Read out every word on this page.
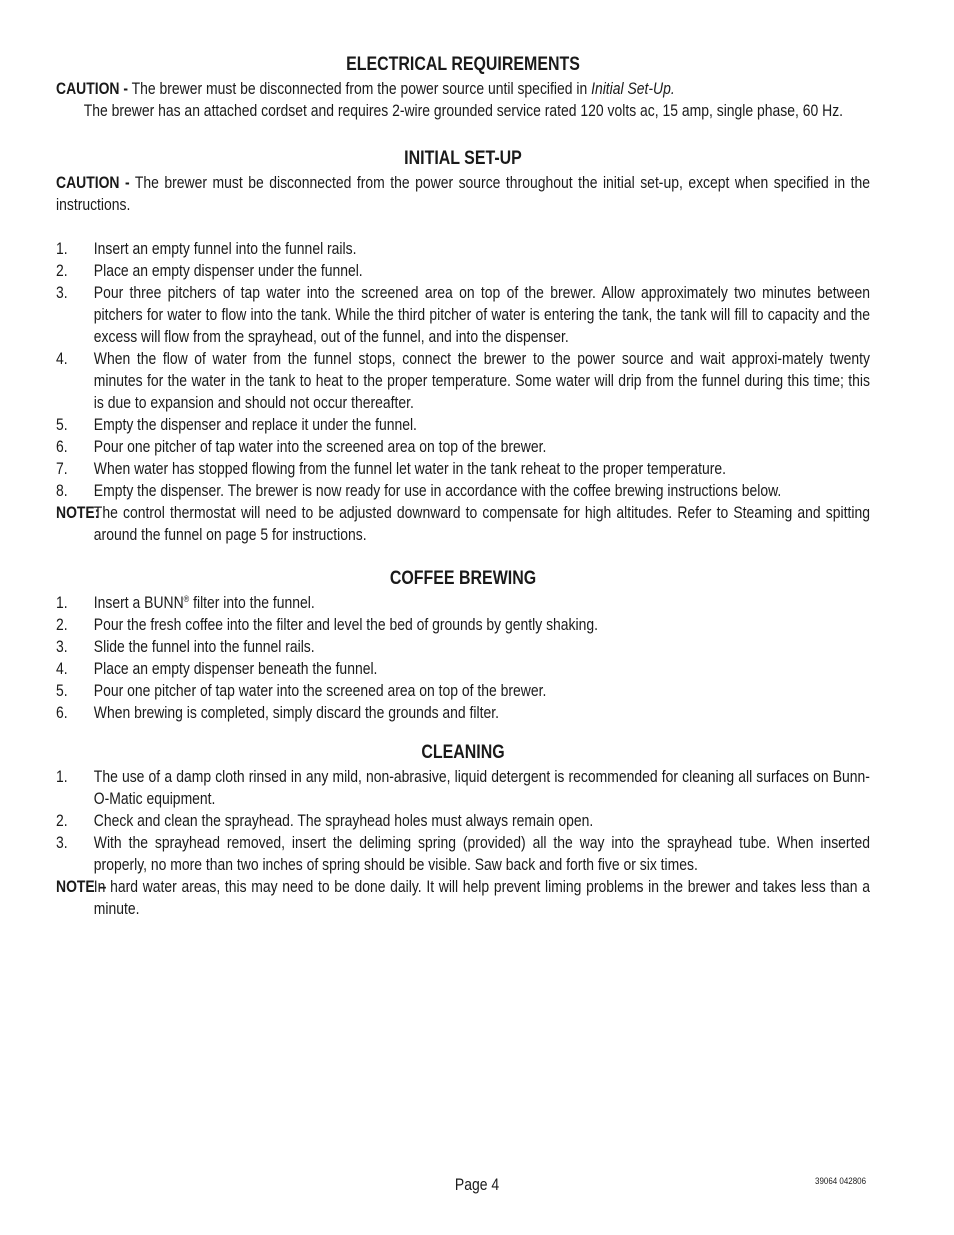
ELECTRICAL REQUIREMENTS

CAUTION - The brewer must be disconnected from the power source until specified in Initial Set-Up.

The brewer has an attached cordset and requires 2-wire grounded service rated 120 volts ac, 15 amp, single phase, 60 Hz.

INITIAL SET-UP

CAUTION - The brewer must be disconnected from the power source throughout the initial set-up, except when specified in the instructions.

1. Insert an empty funnel into the funnel rails.
2. Place an empty dispenser under the funnel.
3. Pour three pitchers of tap water into the screened area on top of the brewer. Allow approximately two minutes between pitchers for water to flow into the tank. While the third pitcher of water is entering the tank, the tank will fill to capacity and the excess will flow from the sprayhead, out of the funnel, and into the dispenser.
4. When the flow of water from the funnel stops, connect the brewer to the power source and wait approxi-mately twenty minutes for the water in the tank to heat to the proper temperature. Some water will drip from the funnel during this time; this is due to expansion and should not occur thereafter.
5. Empty the dispenser and replace it under the funnel.
6. Pour one pitcher of tap water into the screened area on top of the brewer.
7. When water has stopped flowing from the funnel let water in the tank reheat to the proper temperature.
8. Empty the dispenser. The brewer is now ready for use in accordance with the coffee brewing instructions below.
NOTE:
The control thermostat will need to be adjusted downward to compensate for high altitudes. Refer to Steaming and spitting around the funnel on page 5 for instructions.
COFFEE BREWING
1. Insert a BUNN® filter into the funnel.
2. Pour the fresh coffee into the filter and level the bed of grounds by gently shaking.
3. Slide the funnel into the funnel rails.
4. Place an empty dispenser beneath the funnel.
5. Pour one pitcher of tap water into the screened area on top of the brewer.
6. When brewing is completed, simply discard the grounds and filter.
CLEANING
1. The use of a damp cloth rinsed in any mild, non-abrasive, liquid detergent is recommended for cleaning all surfaces on Bunn-O-Matic equipment.
2. Check and clean the sprayhead. The sprayhead holes must always remain open.
3. With the sprayhead removed, insert the deliming spring (provided) all the way into the sprayhead tube. When inserted properly, no more than two inches of spring should be visible. Saw back and forth five or six times.
NOTE –
In hard water areas, this may need to be done daily. It will help prevent liming problems in the brewer and takes less than a minute.
Page 4	39064 042806
